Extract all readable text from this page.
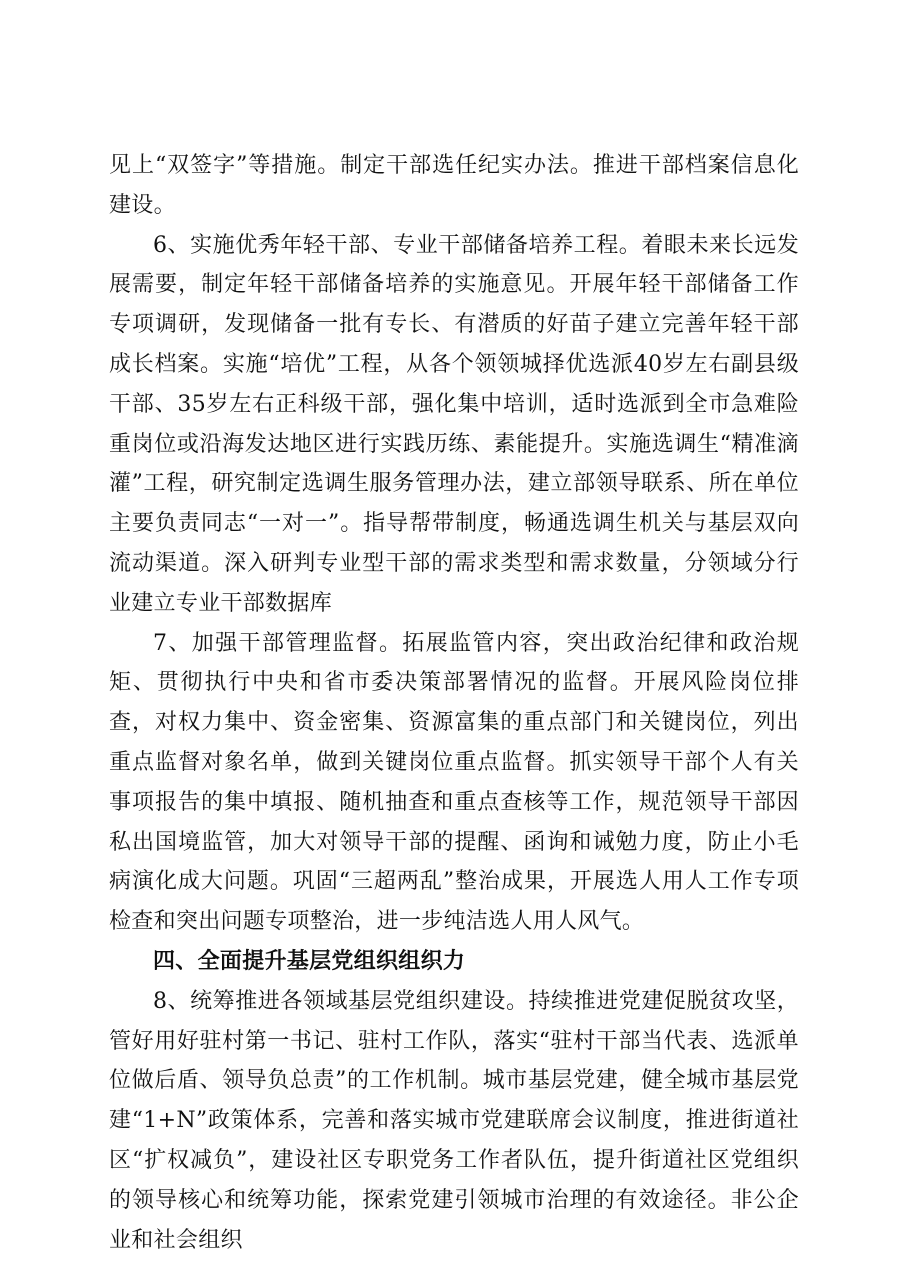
见上“双签字”等措施。制定干部选任纪实办法。推进干部档案信息化建设。

6、实施优秀年轻干部、专业干部储备培养工程。着眼未来长远发展需要，制定年轻干部储备培养的实施意见。开展年轻干部储备工作专项调研，发现储备一批有专长、有潜质的好苗子建立完善年轻干部成长档案。实施“培优”工程，从各个领领城择优选派40岁左右副县级干部、35岁左右正科级干部，强化集中培训，适时选派到全市急难险重岗位或沿海发达地区进行实践历练、素能提升。实施选调生“精准滴灌”工程，研究制定选调生服务管理办法，建立部领导联系、所在单位主要负责同志“一对一”。指导帮带制度，畅通选调生机关与基层双向流动渠道。深入研判专业型干部的需求类型和需求数量，分领域分行业建立专业干部数据库

7、加强干部管理监督。拓展监管内容，突出政治纪律和政治规矩、贯彻执行中央和省市委决策部署情况的监督。开展风险岗位排查，对权力集中、资金密集、资源富集的重点部门和关键岗位，列出重点监督对象名单，做到关键岗位重点监督。抓实领导干部个人有关事项报告的集中填报、随机抽查和重点查核等工作，规范领导干部因私出国境监管，加大对领导干部的提醒、函询和诫勉力度，防止小毛病演化成大问题。巩固“三超两乱”整治成果，开展选人用人工作专项检查和突出问题专项整治，进一步纯洁选人用人风气。

四、全面提升基层党组织组织力

8、统筹推进各领域基层党组织建设。持续推进党建促脱贫攻坚，管好用好驻村第一书记、驻村工作队，落实“驻村干部当代表、选派单位做后盾、领导负总责”的工作机制。城市基层党建，健全城市基层党建“1+N”政策体系，完善和落实城市党建联席会议制度，推进街道社区“扩权减负”，建设社区专职党务工作者队伍，提升街道社区党组织的领导核心和统筹功能，探索党建引领城市治理的有效途径。非公企业和社会组织
